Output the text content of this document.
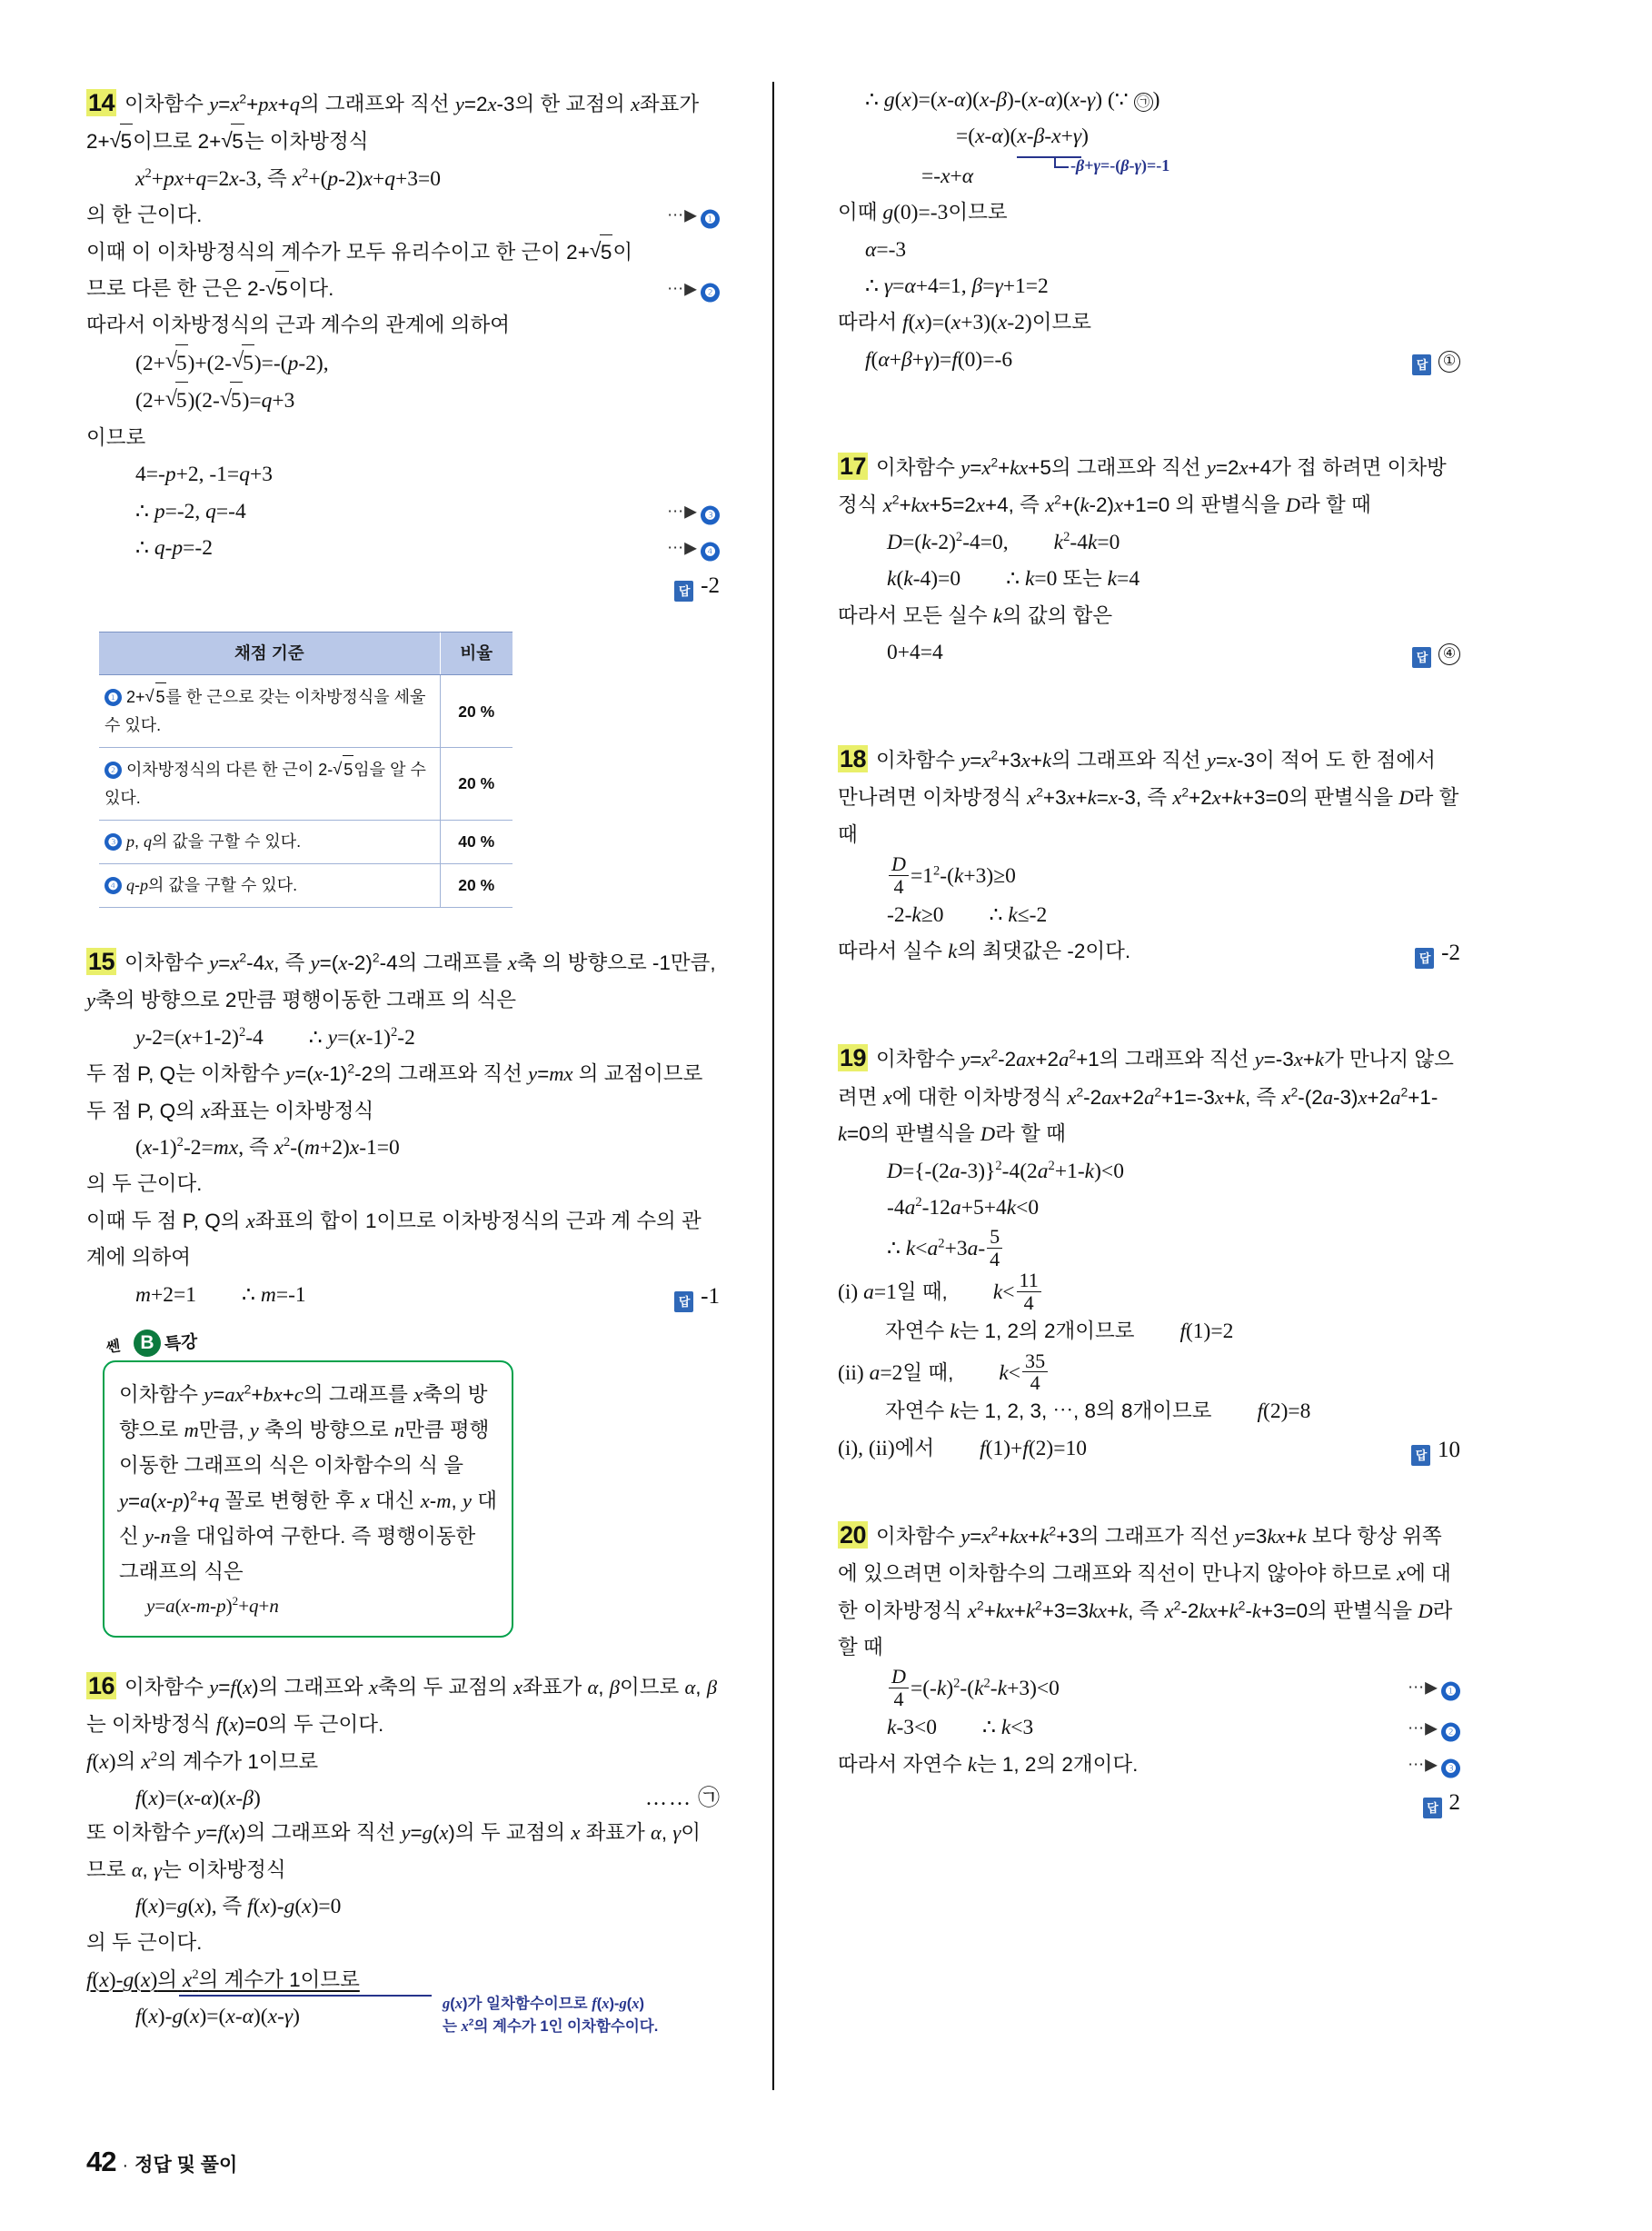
14 이차함수 $y=x^2+px+q$의 그래프와 직선 y=2x-3의 한 교점의 x좌표가 2+ √ 5이므로 2+ √ 5는 이차방정식
$x^2+px+q=2x-3$, 즉 $x^2+(p-2)x+q+3=0$
의 한 근이다.	⋯▶ ❶
이때 이 이차방정식의 계수가 모두 유리수이고 한 근이 2+ √ 5이
므로 다른 한 근은 2- √ 5이다.	⋯▶ ❷
따라서 이차방정식의 근과 계수의 관계에 의하여
(2+ √ 5)+(2- √ 5)=-(p-2),
(2+ √ 5)(2- √ 5)=q+3
이므로
4=-p+2, -1=q+3
∴ p=-2, q=-4	⋯▶ ❸
∴ q-p=-2	⋯▶ ❹
답 -2
채점 기준	비율
❶ 2+ √ 5를 한 근으로 갖는 이차방정식을 세울 수 있다.	20 %
❷ 이차방정식의 다른 한 근이 2- √ 5임을 알 수 있다.	20 %
❸ p, q의 값을 구할 수 있다.	40 %
❹ q-p의 값을 구할 수 있다.	20 %
15 이차함수 $y=x^2-4x$, 즉 $y=(x-2)^2-4$의 그래프를 x축 의 방향으로 -1만큼, y축의 방향으로 2만큼 평행이동한 그래프 의 식은
$y-2=(x+1-2)^2-4$ ∴ $y=(x-1)^2-2$
두 점 P, Q는 이차함수 $y=(x-1)^2-2$의 그래프와 직선 y=mx 의 교점이므로 두 점 P, Q의 x좌표는 이차방정식
$(x-1)^2-2=mx$, 즉 $x^2-(m+2)x-1=0$
의 두 근이다.
이때 두 점 P, Q의 x좌표의 합이 1이므로 이차방정식의 근과 계 수의 관계에 의하여
m+2=1 ∴ m=-1	답 -1
쎈 B 특강
이차함수 $y=ax^2+bx+c$의 그래프를 x축의 방향으로 m만큼, y 축의 방향으로 n만큼 평행이동한 그래프의 식은 이차함수의 식 을 $y=a(x-p)^2+q$ 꼴로 변형한 후 x 대신 x-m, y 대신 y-n을 대입하여 구한다. 즉 평행이동한 그래프의 식은
$y=a(x-m-p)^2+q+n$
16 이차함수 y=f(x)의 그래프와 x축의 두 교점의 x좌표가 α, β이므로 α, β는 이차방정식 f(x)=0의 두 근이다.
f(x)의 $x^2$의 계수가 1이므로
f(x)=(x-α)(x-β)	…… ㉠
또 이차함수 y=f(x)의 그래프와 직선 y=g(x)의 두 교점의 x 좌표가 α, γ이므로 α, γ는 이차방정식
f(x)=g(x), 즉 f(x)-g(x)=0
의 두 근이다.
f(x)-g(x)의 $x^2$의 계수가 1이므로
f(x)-g(x)=(x-α)(x-γ)
g(x)가 일차함수이므로 f(x)-g(x)
는 $x^2$의 계수가 1인 이차함수이다.
∴ g(x)=(x-α)(x-β)-(x-α)(x-γ) (∵ ㉠ )
=(x-α)(x-β-x+γ)
-β+γ=-(β-γ)=-1
=-x+α
이때 g(0)=-3이므로
α=-3
∴ γ=α+4=1, β=γ+1=2
따라서 f(x)=(x+3)(x-2)이므로
f(α+β+γ)=f(0)=-6	답 ①
17 이차함수 $y=x^2+kx+5$의 그래프와 직선 y=2x+4가 접 하려면 이차방정식 $x^2+kx+5=2x+4$, 즉 $x^2+(k-2)x+1=0$ 의 판별식을 D라 할 때
$D=(k-2)^2-4=0$, $k^2-4k=0$
k(k-4)=0 ∴ k=0 또는 k=4
따라서 모든 실수 k의 값의 합은
0+4=4	답 ④
18 이차함수 $y=x^2+3x+k$의 그래프와 직선 y=x-3이 적어 도 한 점에서 만나려면 이차방정식 $x^2+3x+k=x-3$, 즉 $x^2+2x+k+3=0$의 판별식을 D라 할 때
$\frac{D}{4} =1^2-(k+3)\ge 0$
-2-k≥0 ∴ k≤-2
따라서 실수 k의 최댓값은 -2이다.	답 -2
19 이차함수 $y=x^2-2ax+2a^2+1$의 그래프와 직선 y=-3x+k가 만나지 않으려면 x에 대한 이차방정식 $x^2-2ax+2a^2+1=-3x+k$, 즉 $x^2-(2a-3)x+2a^2+1-k=0$의 판별식을 D라 할 때
$D=\{-(2a-3)\}^2-4(2a^2+1-k)<0$
$-4a^2-12a+5+4k<0$
∴ $k<a^2+3a- \frac{5}{4}$
(i) a=1일 때, $k< \frac{11}{4}$
자연수 k는 1, 2의 2개이므로 f(1)=2
(ii) a=2일 때, $k< \frac{35}{4}$
자연수 k는 1, 2, 3, ⋯, 8의 8개이므로 f(2)=8
(i), (ii)에서 f(1)+f(2)=10	답 10
20 이차함수 $y=x^2+kx+k^2+3$의 그래프가 직선 y=3kx+k 보다 항상 위쪽에 있으려면 이차함수의 그래프와 직선이 만나지 않아야 하므로 x에 대한 이차방정식 $x^2+kx+k^2+3=3kx+k$, 즉 $x^2-2kx+k^2-k+3=0$의 판별식을 D라 할 때
$\frac{D}{4} =(-k)^2-(k^2-k+3)<0$	⋯▶ ❶
k-3<0 ∴ k<3	⋯▶ ❷
따라서 자연수 k는 1, 2의 2개이다.	⋯▶ ❸
답 2
42 · 정답 및 풀이
